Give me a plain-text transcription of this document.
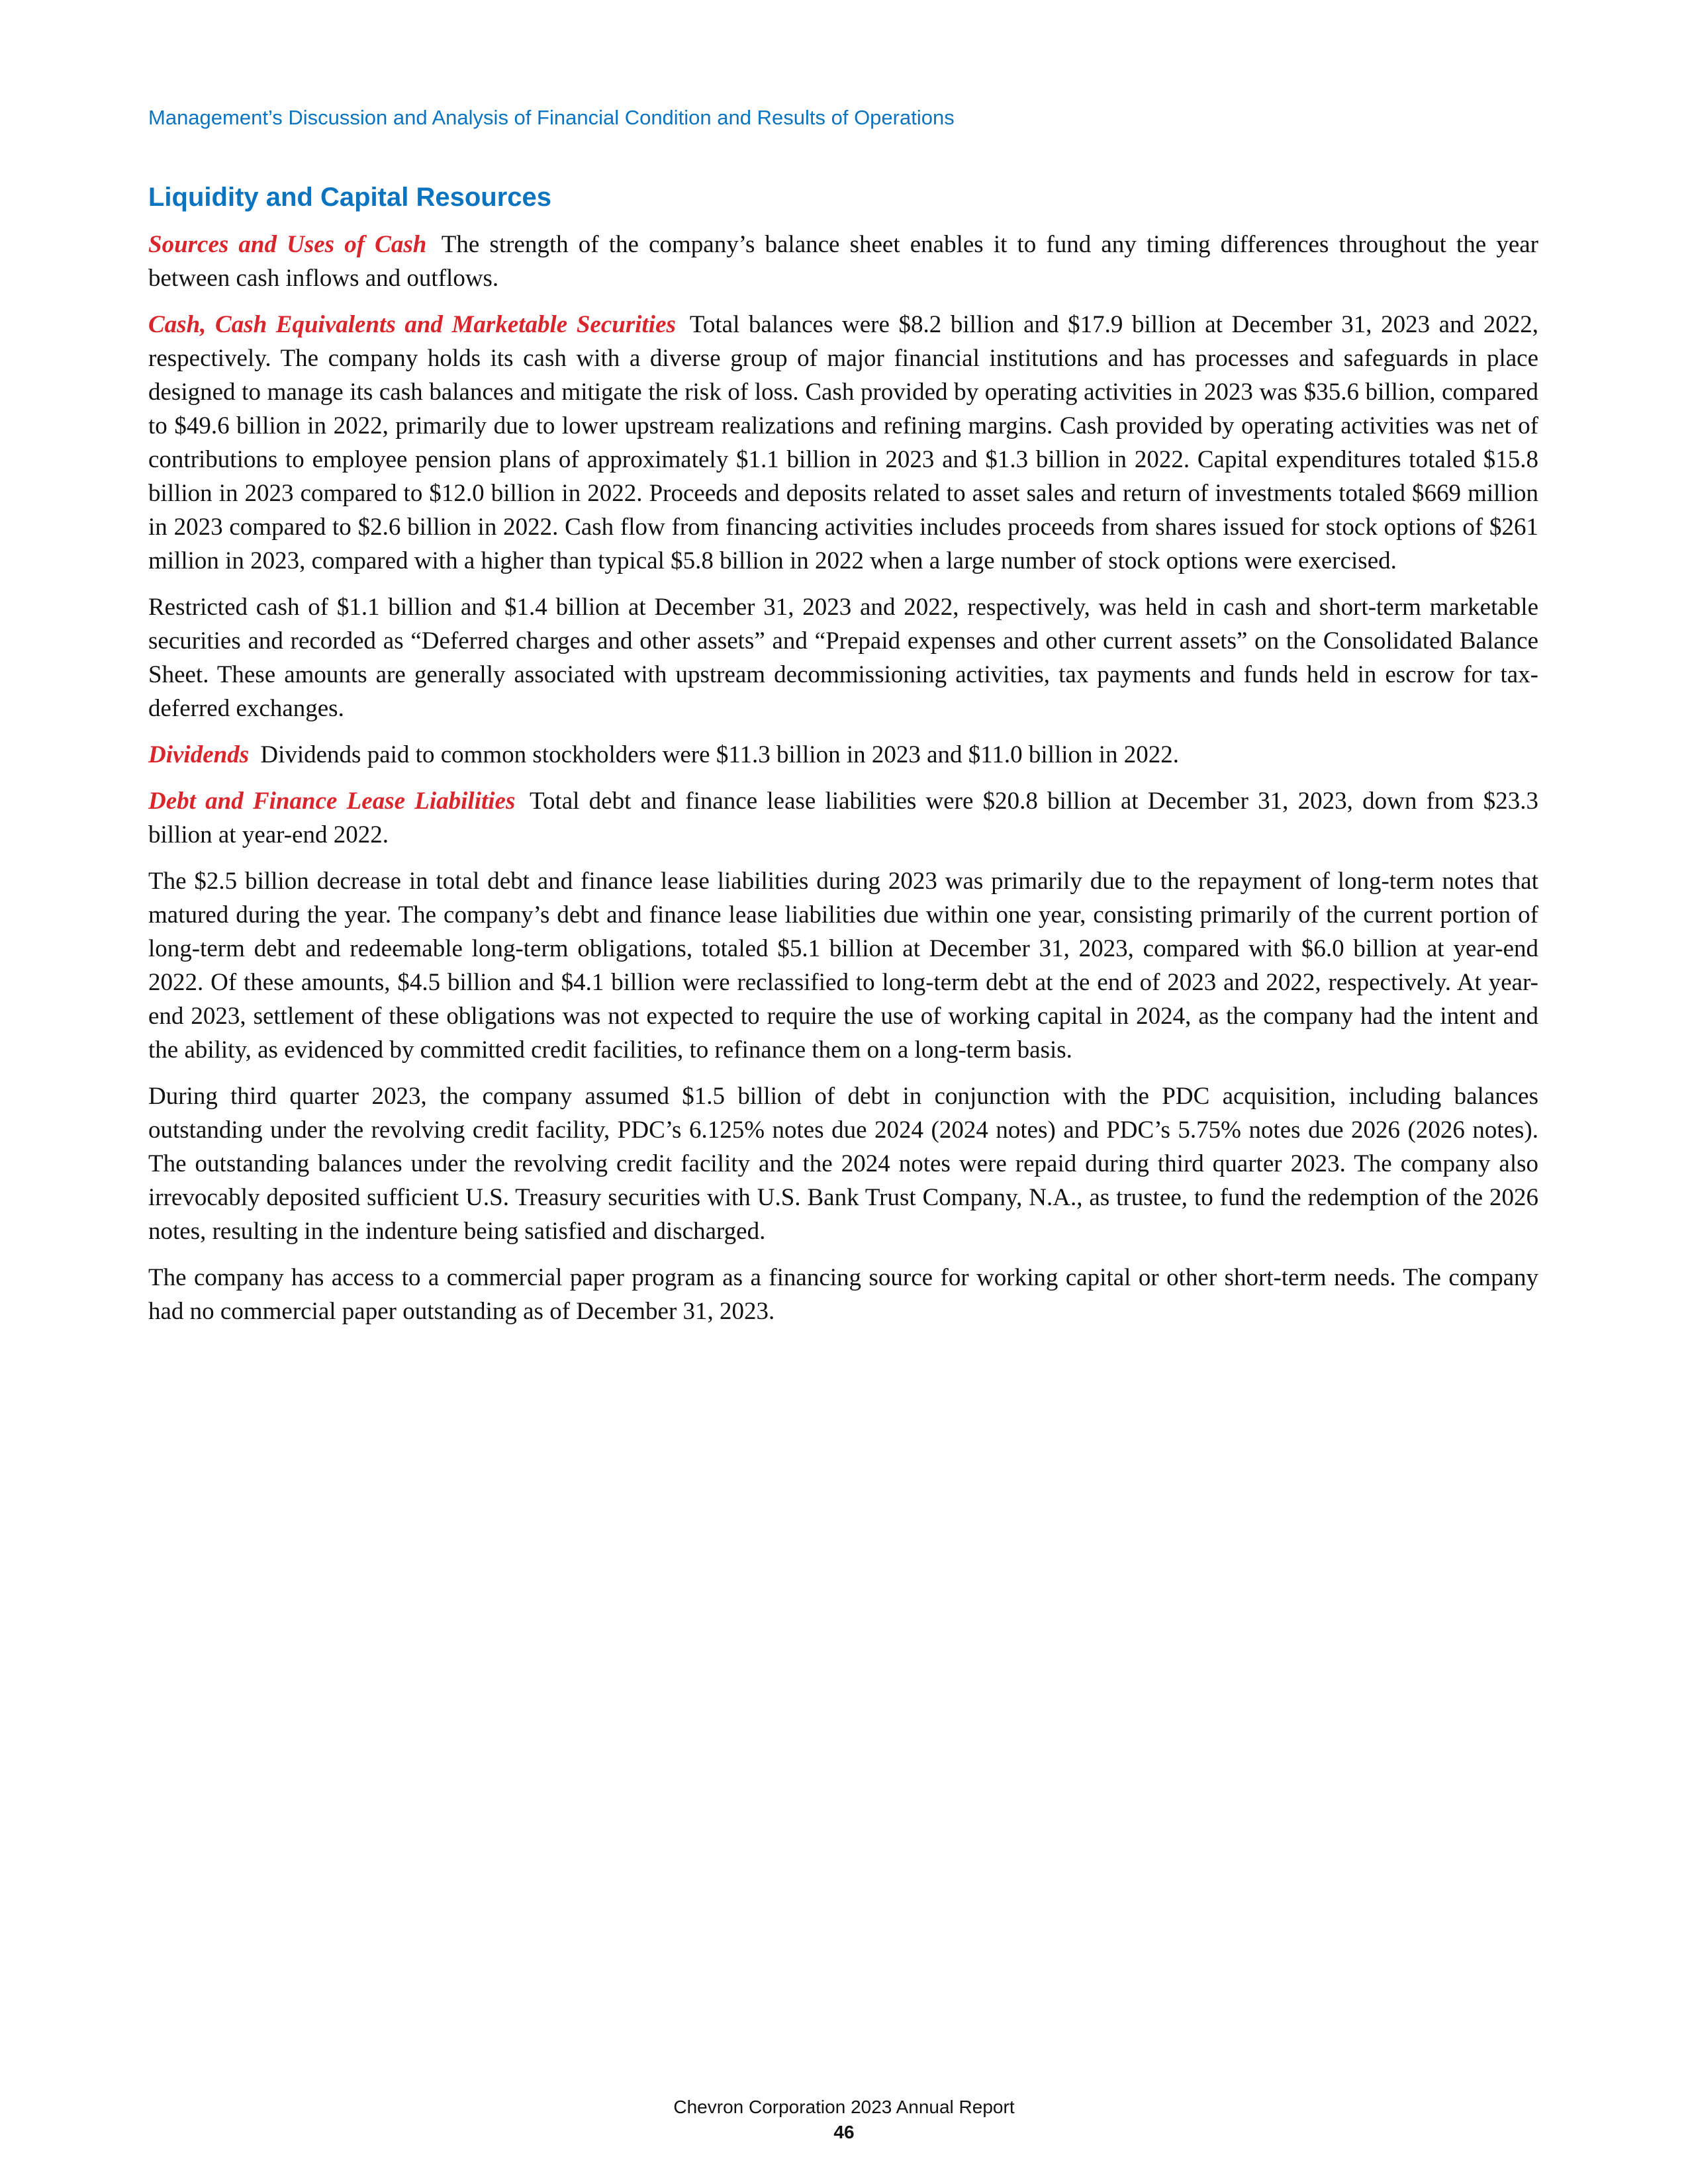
Management’s Discussion and Analysis of Financial Condition and Results of Operations
Liquidity and Capital Resources

Sources and Uses of Cash The strength of the company’s balance sheet enables it to fund any timing differences throughout the year between cash inflows and outflows.

Cash, Cash Equivalents and Marketable Securities Total balances were $8.2 billion and $17.9 billion at December 31, 2023 and 2022, respectively. The company holds its cash with a diverse group of major financial institutions and has processes and safeguards in place designed to manage its cash balances and mitigate the risk of loss. Cash provided by operating activities in 2023 was $35.6 billion, compared to $49.6 billion in 2022, primarily due to lower upstream realizations and refining margins. Cash provided by operating activities was net of contributions to employee pension plans of approximately $1.1 billion in 2023 and $1.3 billion in 2022. Capital expenditures totaled $15.8 billion in 2023 compared to $12.0 billion in 2022. Proceeds and deposits related to asset sales and return of investments totaled $669 million in 2023 compared to $2.6 billion in 2022. Cash flow from financing activities includes proceeds from shares issued for stock options of $261 million in 2023, compared with a higher than typical $5.8 billion in 2022 when a large number of stock options were exercised.

Restricted cash of $1.1 billion and $1.4 billion at December 31, 2023 and 2022, respectively, was held in cash and short-term marketable securities and recorded as “Deferred charges and other assets” and “Prepaid expenses and other current assets” on the Consolidated Balance Sheet. These amounts are generally associated with upstream decommissioning activities, tax payments and funds held in escrow for tax-deferred exchanges.

Dividends Dividends paid to common stockholders were $11.3 billion in 2023 and $11.0 billion in 2022.

Debt and Finance Lease Liabilities Total debt and finance lease liabilities were $20.8 billion at December 31, 2023, down from $23.3 billion at year-end 2022.

The $2.5 billion decrease in total debt and finance lease liabilities during 2023 was primarily due to the repayment of long-term notes that matured during the year. The company’s debt and finance lease liabilities due within one year, consisting primarily of the current portion of long-term debt and redeemable long-term obligations, totaled $5.1 billion at December 31, 2023, compared with $6.0 billion at year-end 2022. Of these amounts, $4.5 billion and $4.1 billion were reclassified to long-term debt at the end of 2023 and 2022, respectively. At year-end 2023, settlement of these obligations was not expected to require the use of working capital in 2024, as the company had the intent and the ability, as evidenced by committed credit facilities, to refinance them on a long-term basis.

During third quarter 2023, the company assumed $1.5 billion of debt in conjunction with the PDC acquisition, including balances outstanding under the revolving credit facility, PDC’s 6.125% notes due 2024 (2024 notes) and PDC’s 5.75% notes due 2026 (2026 notes). The outstanding balances under the revolving credit facility and the 2024 notes were repaid during third quarter 2023. The company also irrevocably deposited sufficient U.S. Treasury securities with U.S. Bank Trust Company, N.A., as trustee, to fund the redemption of the 2026 notes, resulting in the indenture being satisfied and discharged.

The company has access to a commercial paper program as a financing source for working capital or other short-term needs. The company had no commercial paper outstanding as of December 31, 2023.

Chevron Corporation 2023 Annual Report
46
